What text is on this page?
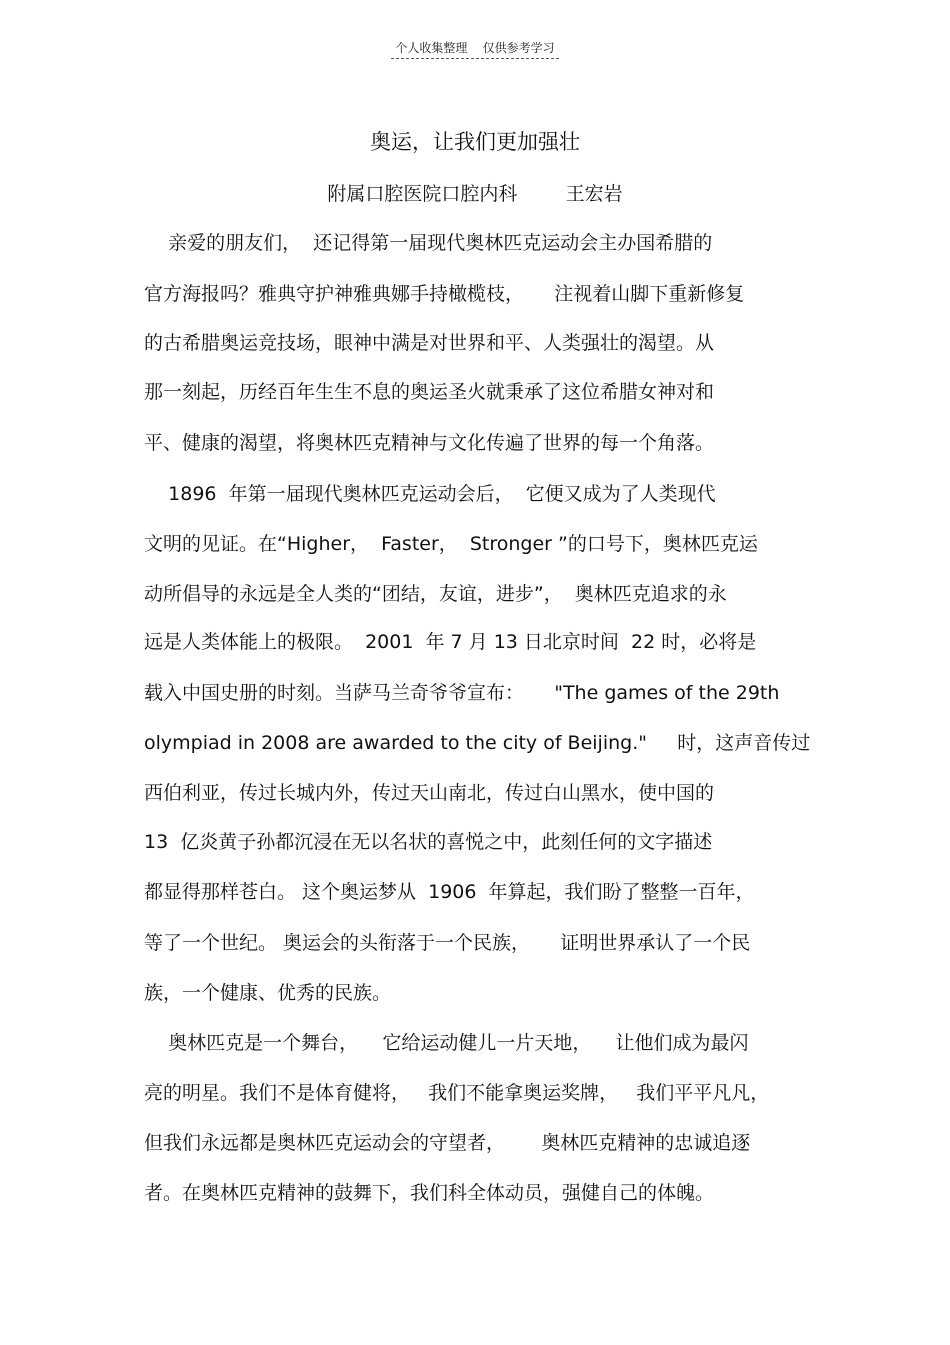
个人收集整理    仅供参考学习
奥运，让我们更加强壮
附属口腔医院口腔内科        王宏岩
亲爱的朋友们，  还记得第一届现代奥林匹克运动会主办国希腊的
官方海报吗？雅典守护神雅典娜手持橄榄枝，     注视着山脚下重新修复
的古希腊奥运竞技场，眼神中满是对世界和平、人类强壮的渴望。从
那一刻起，历经百年生生不息的奥运圣火就秉承了这位希腊女神对和
平、健康的渴望，将奥林匹克精神与文化传遍了世界的每一个角落。
1896  年第一届现代奥林匹克运动会后，  它便又成为了人类现代
文明的见证。在“Higher，  Faster，  Stronger ”的口号下，奥林匹克运
动所倡导的永远是全人类的“团结，友谊，进步”，  奥林匹克追求的永
远是人类体能上的极限。  2001  年 7 月 13 日北京时间  22 时，必将是
载入中国史册的时刻。当萨马兰奇爷爷宣布：     "The games of the 29th
olympiad in 2008 are awarded to the city of Beijing."     时，这声音传过
西伯利亚，传过长城内外，传过天山南北，传过白山黑水，使中国的
13  亿炎黄子孙都沉浸在无以名状的喜悦之中，此刻任何的文字描述
都显得那样苍白。 这个奥运梦从  1906  年算起，我们盼了整整一百年，
等了一个世纪。 奥运会的头衔落于一个民族，     证明世界承认了一个民
族，一个健康、优秀的民族。
奥林匹克是一个舞台，    它给运动健儿一片天地，    让他们成为最闪
亮的明星。我们不是体育健将，   我们不能拿奥运奖牌，   我们平平凡凡，
但我们永远都是奥林匹克运动会的守望者，      奥林匹克精神的忠诚追逐
者。在奥林匹克精神的鼓舞下，我们科全体动员，强健自己的体魄。
